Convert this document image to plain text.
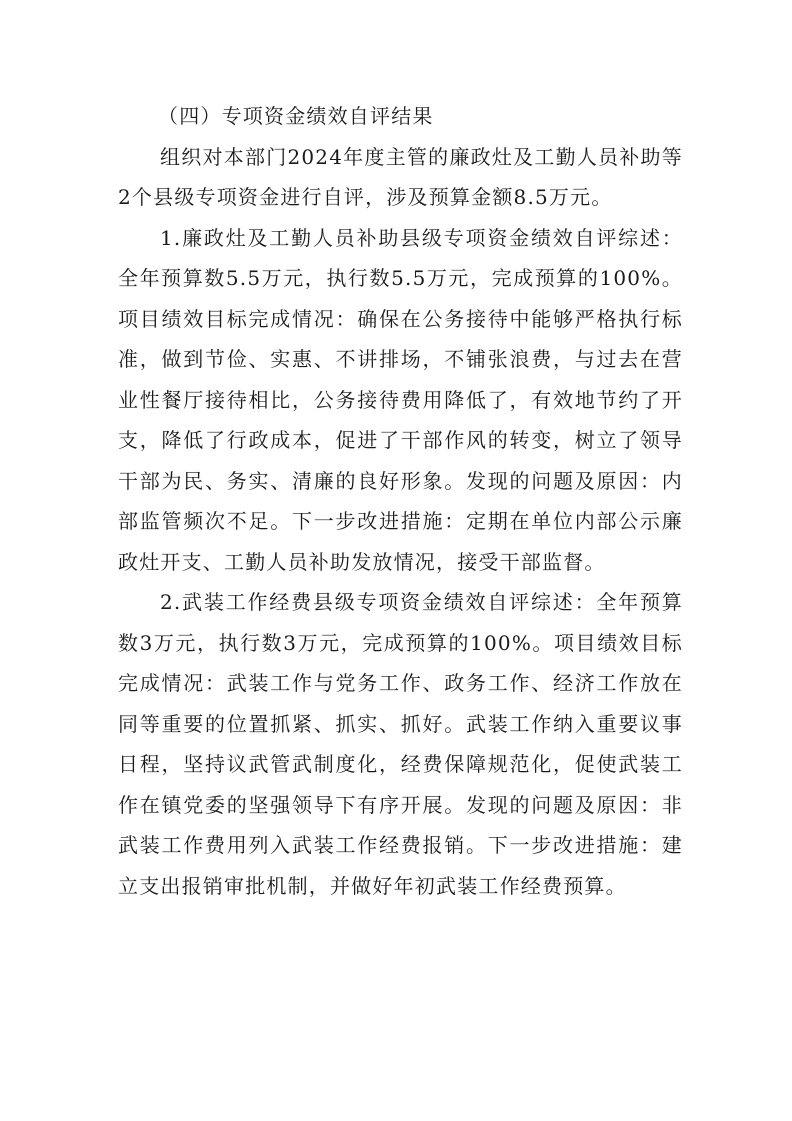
（四）专项资金绩效自评结果

组织对本部门2024年度主管的廉政灶及工勤人员补助等2个县级专项资金进行自评，涉及预算金额8.5万元。

1.廉政灶及工勤人员补助县级专项资金绩效自评综述：全年预算数5.5万元，执行数5.5万元，完成预算的100%。项目绩效目标完成情况：确保在公务接待中能够严格执行标准，做到节俭、实惠、不讲排场，不铺张浪费，与过去在营业性餐厅接待相比，公务接待费用降低了，有效地节约了开支，降低了行政成本，促进了干部作风的转变，树立了领导干部为民、务实、清廉的良好形象。发现的问题及原因：内部监管频次不足。下一步改进措施：定期在单位内部公示廉政灶开支、工勤人员补助发放情况，接受干部监督。

2.武装工作经费县级专项资金绩效自评综述：全年预算数3万元，执行数3万元，完成预算的100%。项目绩效目标完成情况：武装工作与党务工作、政务工作、经济工作放在同等重要的位置抓紧、抓实、抓好。武装工作纳入重要议事日程，坚持议武管武制度化，经费保障规范化，促使武装工作在镇党委的坚强领导下有序开展。发现的问题及原因：非武装工作费用列入武装工作经费报销。下一步改进措施：建立支出报销审批机制，并做好年初武装工作经费预算。
